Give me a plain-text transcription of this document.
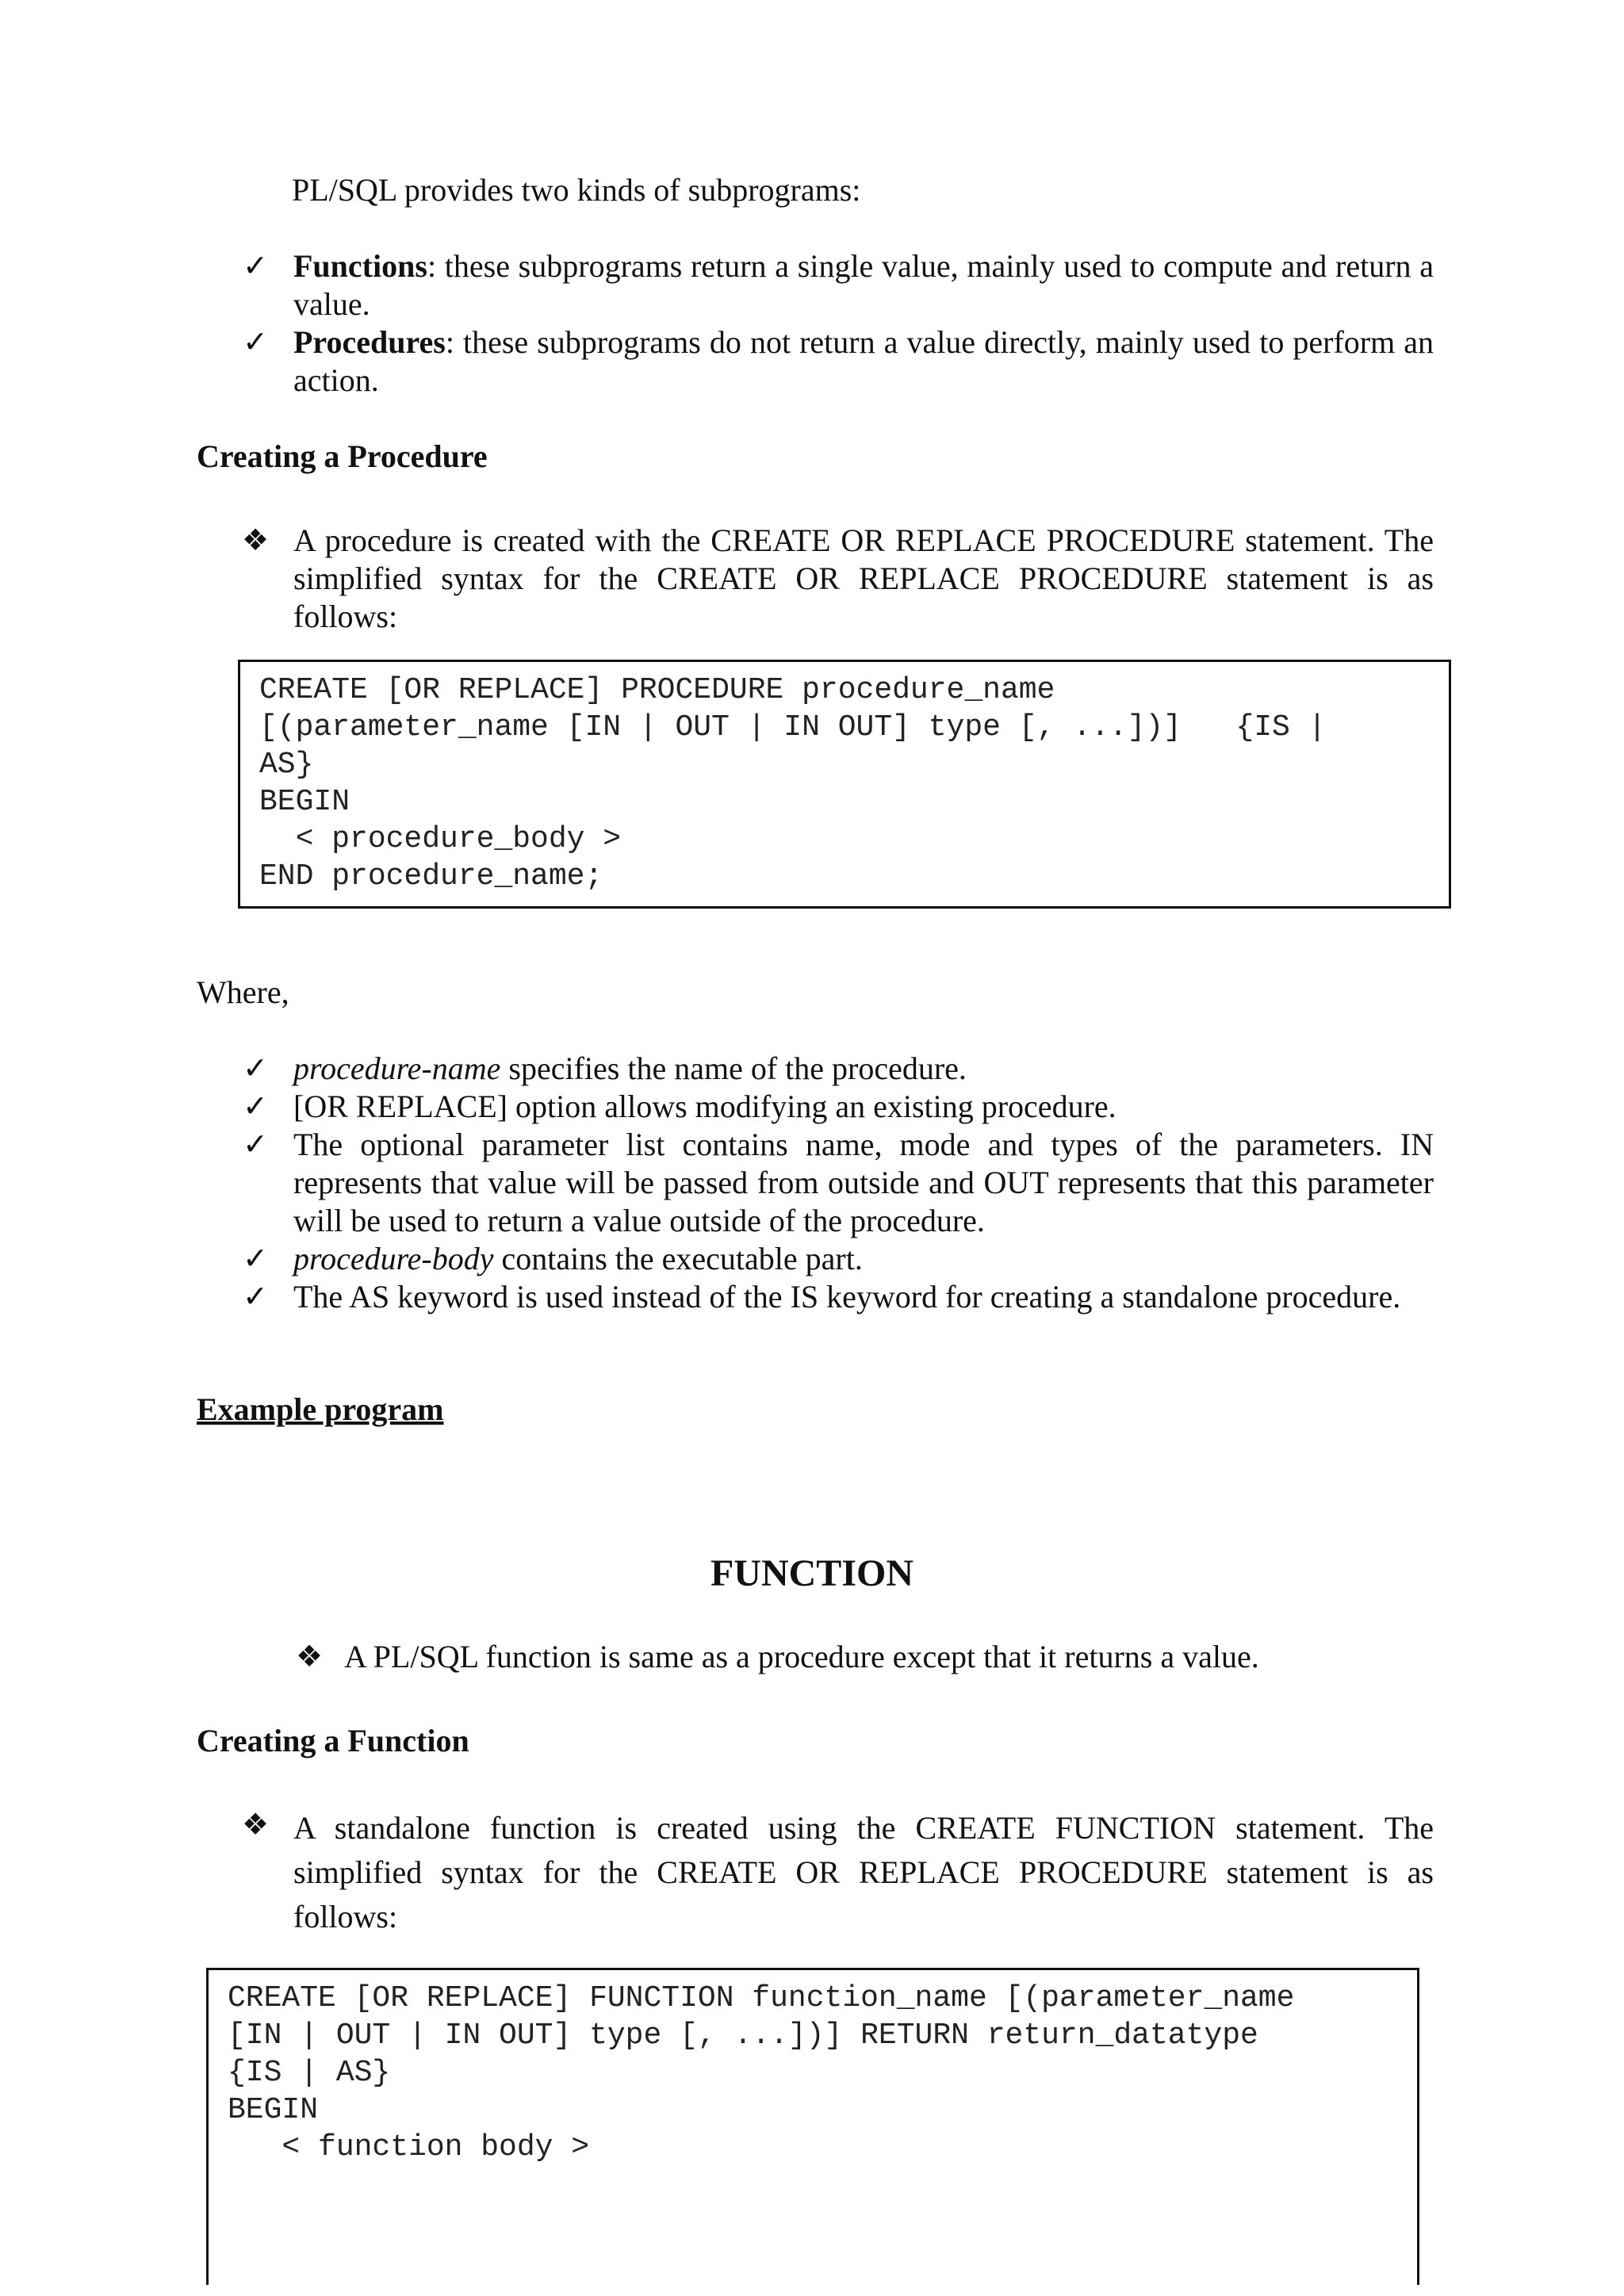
PL/SQL provides two kinds of subprograms:
✓ Functions: these subprograms return a single value, mainly used to compute and return a value.
✓ Procedures: these subprograms do not return a value directly, mainly used to perform an action.
Creating a Procedure
❖ A procedure is created with the CREATE OR REPLACE PROCEDURE statement. The simplified syntax for the CREATE OR REPLACE PROCEDURE statement is as follows:
CREATE [OR REPLACE] PROCEDURE procedure_name
[(parameter_name [IN | OUT | IN OUT] type [, ...])]   {IS |
AS}
BEGIN
< procedure_body >
END procedure_name;
Where,
✓ procedure-name specifies the name of the procedure.
✓ [OR REPLACE] option allows modifying an existing procedure.
✓ The optional parameter list contains name, mode and types of the parameters. IN represents that value will be passed from outside and OUT represents that this parameter will be used to return a value outside of the procedure.
✓ procedure-body contains the executable part.
✓ The AS keyword is used instead of the IS keyword for creating a standalone procedure.
Example program
FUNCTION
❖ A PL/SQL function is same as a procedure except that it returns a value.
Creating a Function
❖ A standalone function is created using the CREATE FUNCTION statement. The simplified syntax for the CREATE OR REPLACE PROCEDURE statement is as follows:
CREATE [OR REPLACE] FUNCTION function_name [(parameter_name
[IN | OUT | IN OUT] type [, ...])] RETURN return_datatype
{IS | AS}
BEGIN
< function body >
